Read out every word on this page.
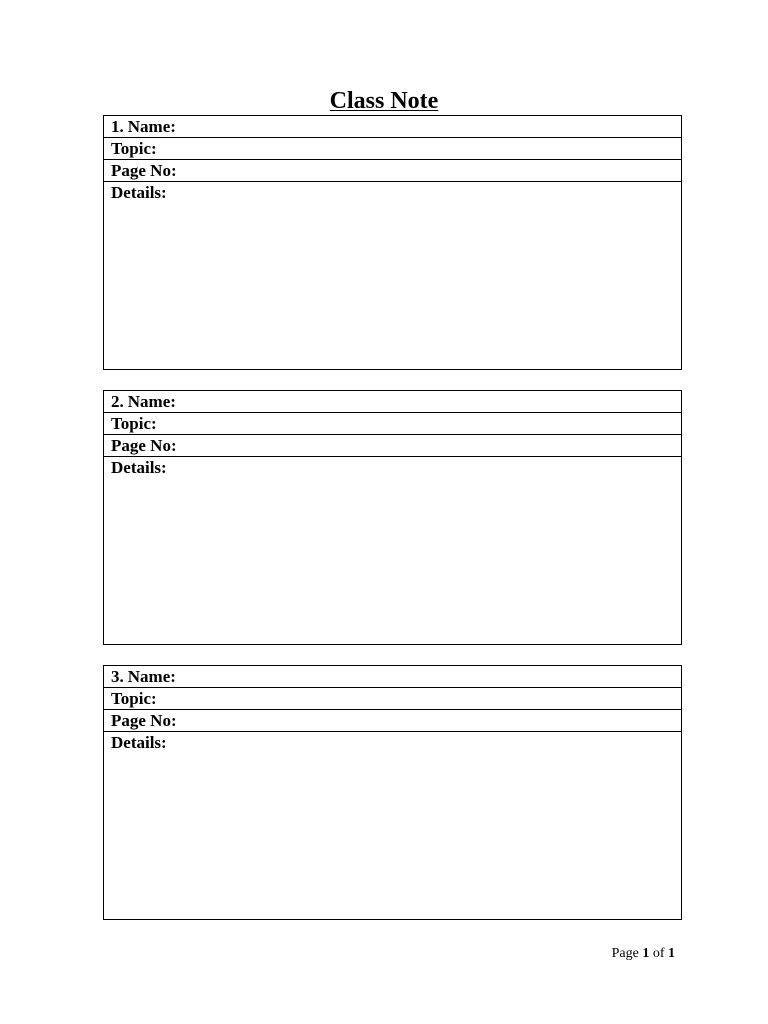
Class Note
1. Name:
Topic:
Page No:
Details:
2. Name:
Topic:
Page No:
Details:
3. Name:
Topic:
Page No:
Details:
Page 1 of 1
